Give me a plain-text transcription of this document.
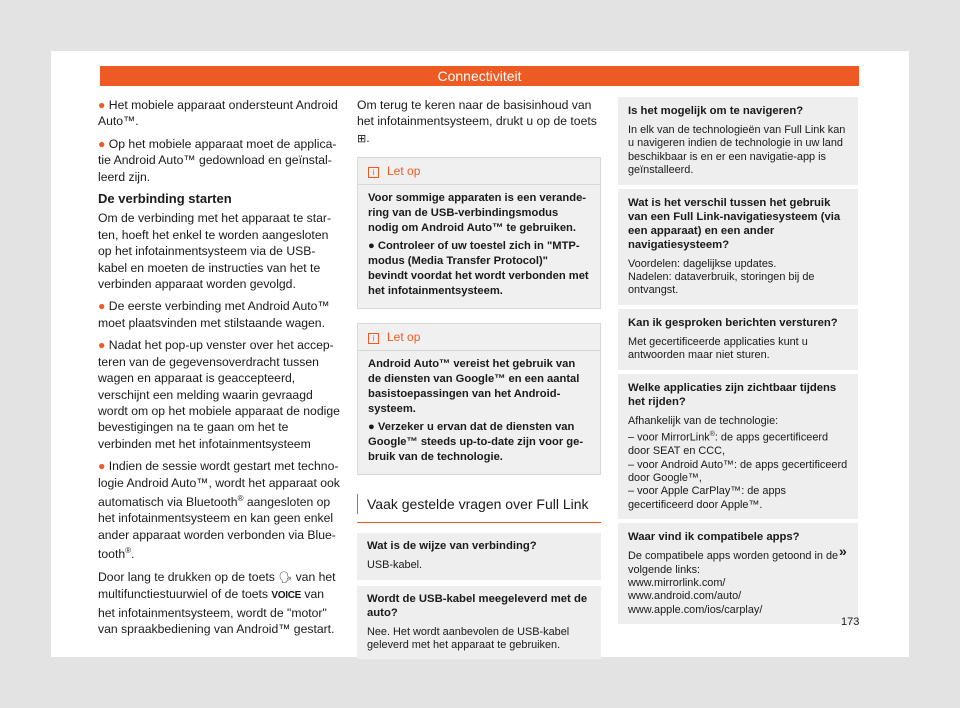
Connectiviteit

● Het mobiele apparaat ondersteunt Android Auto™.

● Op het mobiele apparaat moet de applicatie Android Auto™ gedownload en geïnstalleerd zijn.

De verbinding starten

Om de verbinding met het apparaat te starten, hoeft het enkel te worden aangesloten op het infotainmentsysteem via de USB-kabel en moeten de instructies van het te verbinden apparaat worden gevolgd.

● De eerste verbinding met Android Auto™ moet plaatsvinden met stilstaande wagen.

● Nadat het pop-up venster over het accepteren van de gegevensoverdracht tussen wagen en apparaat is geaccepteerd, verschijnt een melding waarin gevraagd wordt om op het mobiele apparaat de nodige bevestigingen na te gaan om het te verbinden met het infotainmentsysteem

● Indien de sessie wordt gestart met technologie Android Auto™, wordt het apparaat ook automatisch via Bluetooth® aangesloten op het infotainmentsysteem en kan geen enkel ander apparaat worden verbonden via Bluetooth®.

Door lang te drukken op de toets 🗣 van het multifunctiestuurwiel of de toets VOICE van het infotainmentsysteem, wordt de "motor" van spraakbediening van Android™ gestart.

Om terug te keren naar de basisinhoud van het infotainmentsysteem, drukt u op de toets ⊞.

i Let op

Voor sommige apparaten is een verandering van de USB-verbindingsmodus nodig om Android Auto™ te gebruiken.

● Controleer of uw toestel zich in "MTP-modus (Media Transfer Protocol)" bevindt voordat het wordt verbonden met het infotainmentsysteem.

i Let op

Android Auto™ vereist het gebruik van de diensten van Google™ en een aantal basistoepassingen van het Android-systeem.

● Verzeker u ervan dat de diensten van Google™ steeds up-to-date zijn voor gebruik van de technologie.

Vaak gestelde vragen over Full Link
Wat is de wijze van verbinding?
USB-kabel.
Wordt de USB-kabel meegeleverd met de auto?
Nee. Het wordt aanbevolen de USB-kabel geleverd met het apparaat te gebruiken.
Is het mogelijk om te navigeren?
In elk van de technologieën van Full Link kan u navigeren indien de technologie in uw land beschikbaar is en er een navigatie-app is geïnstalleerd.
Wat is het verschil tussen het gebruik van een Full Link-navigatiesysteem (via een apparaat) en een ander navigatiesysteem?
Voordelen: dagelijkse updates.
Nadelen: dataverbruik, storingen bij de ontvangst.
Kan ik gesproken berichten versturen?
Met gecertificeerde applicaties kunt u antwoorden maar niet sturen.
Welke applicaties zijn zichtbaar tijdens het rijden?
Afhankelijk van de technologie:
– voor MirrorLink®: de apps gecertificeerd door SEAT en CCC,
– voor Android Auto™: de apps gecertificeerd door Google™,
– voor Apple CarPlay™: de apps gecertificeerd door Apple™.
Waar vind ik compatibele apps?
De compatibele apps worden getoond in de volgende links:
www.mirrorlink.com/
www.android.com/auto/
www.apple.com/ios/carplay/
»
173
